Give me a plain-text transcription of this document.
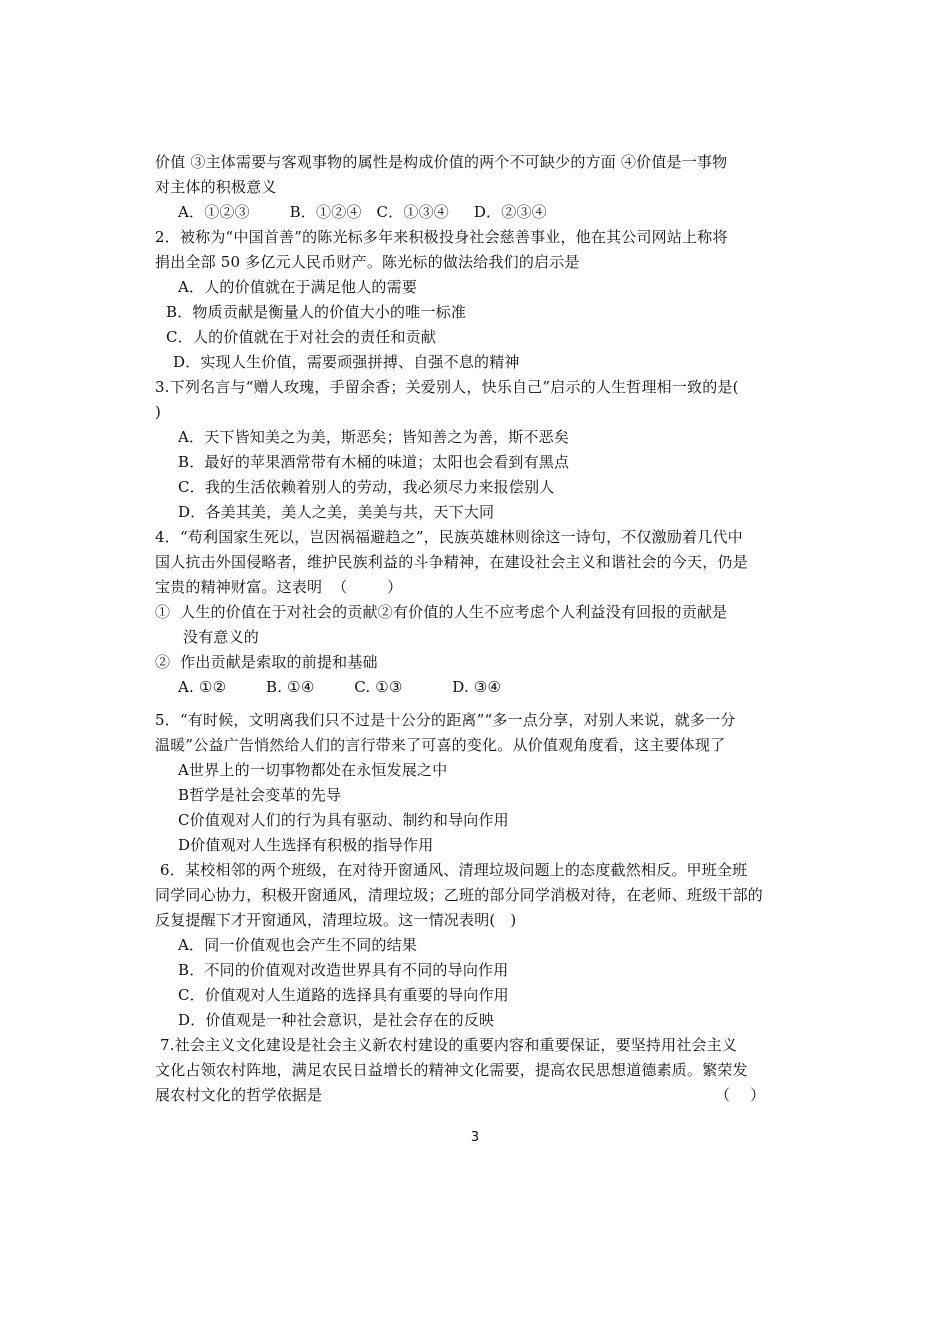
价值 ③主体需要与客观事物的属性是构成价值的两个不可缺少的方面 ④价值是一事物
对主体的积极意义
A．①②③        B．①②④   C．①③④     D．②③④
2．被称为“中国首善”的陈光标多年来积极投身社会慈善事业，他在其公司网站上称将
捐出全部 50 多亿元人民币财产。陈光标的做法给我们的启示是
A．人的价值就在于满足他人的需要
B．物质贡献是衡量人的价值大小的唯一标准
C．人的价值就在于对社会的责任和贡献
D．实现人生价值，需要顽强拼搏、自强不息的精神
3.下列名言与“赠人玫瑰，手留余香；关爱别人，快乐自己”启示的人生哲理相一致的是(
)
A．天下皆知美之为美，斯恶矣；皆知善之为善，斯不恶矣
B．最好的苹果酒常带有木桶的味道；太阳也会看到有黑点
C．我的生活依赖着别人的劳动，我必须尽力来报偿别人
D．各美其美，美人之美，美美与共，天下大同
4．“苟利国家生死以，岂因祸福避趋之”，民族英雄林则徐这一诗句，不仅激励着几代中
国人抗击外国侵略者，维护民族利益的斗争精神，在建设社会主义和谐社会的今天，仍是
宝贵的精神财富。这表明  （        ）
①  人生的价值在于对社会的贡献②有价值的人生不应考虑个人利益没有回报的贡献是
没有意义的
②  作出贡献是索取的前提和基础
A. ①②        B. ①④        C. ①③          D. ③④
5．“有时候，文明离我们只不过是十公分的距离”“多一点分享，对别人来说，就多一分
温暖”公益广告悄然给人们的言行带来了可喜的变化。从价值观角度看，这主要体现了
A世界上的一切事物都处在永恒发展之中
B哲学是社会变革的先导
C价值观对人们的行为具有驱动、制约和导向作用
D价值观对人生选择有积极的指导作用
6．某校相邻的两个班级，在对待开窗通风、清理垃圾问题上的态度截然相反。甲班全班
同学同心协力，积极开窗通风，清理垃圾；乙班的部分同学消极对待，在老师、班级干部的
反复提醒下才开窗通风，清理垃圾。这一情况表明(   )
A．同一价值观也会产生不同的结果
B．不同的价值观对改造世界具有不同的导向作用
C．价值观对人生道路的选择具有重要的导向作用
D．价值观是一种社会意识，是社会存在的反映
7.社会主义文化建设是社会主义新农村建设的重要内容和重要保证，要坚持用社会主义
文化占领农村阵地，满足农民日益增长的精神文化需要，提高农民思想道德素质。繁荣发
展农村文化的哲学依据是	（    ）
3
